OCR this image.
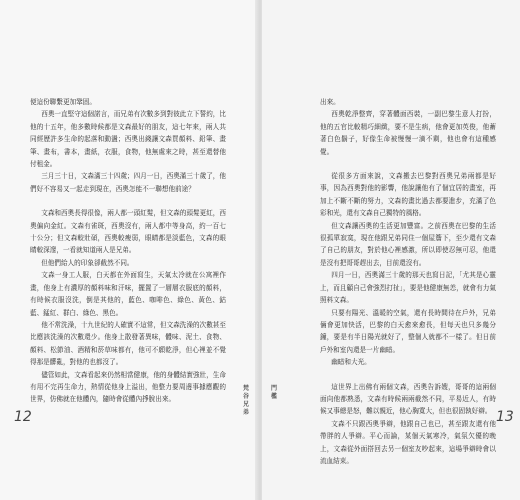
便這份聯繫更加鞏固。

西奧一直堅守這個諾言，而兄弟有次數多到對彼此立下誓約，比他的十五年，他多數時候都是文森最好的朋友，這七年來，兩人共同經歷許多生命的起落和動盪；西奧出錢讓文森買顏料、鉛筆、畫筆、畫布，書本，畫紙，衣服，食物，他無處來之時，甚至還替他付租金。

三月三十日，文森滿三十四歲；四月一日，西奧滿三十歲了，他們好不容易又一起走到現在，西奧怎能不一聯想他前途？

文森和西奧長得很像，兩人都一頭紅髮，但文森的頭髮更紅，西奧偏向金紅。文森有雀斑，西奧沒有，兩人都中等身高，約一百七十公分；但文森較壯碩，西奧較瘦弱，眼睛都是淡藍色，文森的眼睛較深邃，一看就知道兩人是兄弟。

但他們給人的印象卻截然不同。

文森一身工人服，白天都在外面寫生，天氣太冷就在公寓裡作畫，他身上有濃厚的顏料味和汗味，擺置了一層層衣服底的顏料，有時候衣服沒洗，倒是其他的，藍色、咖啡色、綠色、黃色、鈷藍、錳紅、群白、綠色、黑色。

他不常洗澡，十九世紀的人確實不這常，但文森洗澡的次數甚至比應該洗澡的次數還少。他身上散發著異味，體味、泥土、食物、顏料、松節油、酒精和菸草味都有，他可不願乾淨，但心裡並不覺得那是髒亂，對他的也都沒了。

儘管如此，文森看起來仍然相當健康，他的身體結實強壯，生命有用不完再生命力，熱情從他身上溢出，他整力要周邊事據應觀的世界，仿佛就在他體內，隨時會從體內掙脫出來。

梵谷兄弟
12

出來。

西奧乾淨整齊，穿著體面西裝，一副巴黎生意人打扮，他的五官比較精巧細緻，要不是生病，他會更加英俊，他蓄著白色鬍子，好像生命被慢慢一滴不剩，他也會有這種感覺。

從很多方面來說，文森搬去巴黎對西奧兄弟兩都是好事，因為西奧對他的影響，他說讓他有了個宜居的畫室，再加上不斷不斷的努力，文森的畫比過去都要進步，充滿了色彩和光，還有文森自己獨特的風格。

但文森讓西奧的生活更加豐富。之前西奧在巴黎的生活很孤單寂寞，現在他跟兄弟同住一個屋簷下，至少還有文森了自己的朋友，對於他心裡感激，所以即使忍無可忍，他還是沒有把哥哥趕出去，目前還沒有。

四月一日，西奧滿三十歲的那天也寫日記，「尤其是心靈上，而且顧自己會強烈打扯」，要是他健康無恙，就會有力氣照料文森。

只要有陽光、溫暖的空氣，還有長時間待在戶外，兄弟倆會更加快活，巴黎的白天愈來愈長，但每天也只多幾分鐘，要是有半日陽光就好了，整個人就都不一樣了。但日前戶外和室內還是一片幽暗。

幽暗和大光。

這世界上出佛有兩個文森，西奧告訴嫂，哥哥的這兩個面向他都熟悉，文森有時候兩兩截然不同，平易近人，有時候又事總是怒，難以親近，他心胸寬大，但也很固執好辯。

文森不只跟西奧爭辯，他跟自己也已，甚至跟友還有他帶胖的人爭辯。平心而論，某個天氣寒冷，氣氛欠優的晚上，文森從外面搭回去另一個室友吵起來，這場爭辯時會以流血結束。

門檻
13
